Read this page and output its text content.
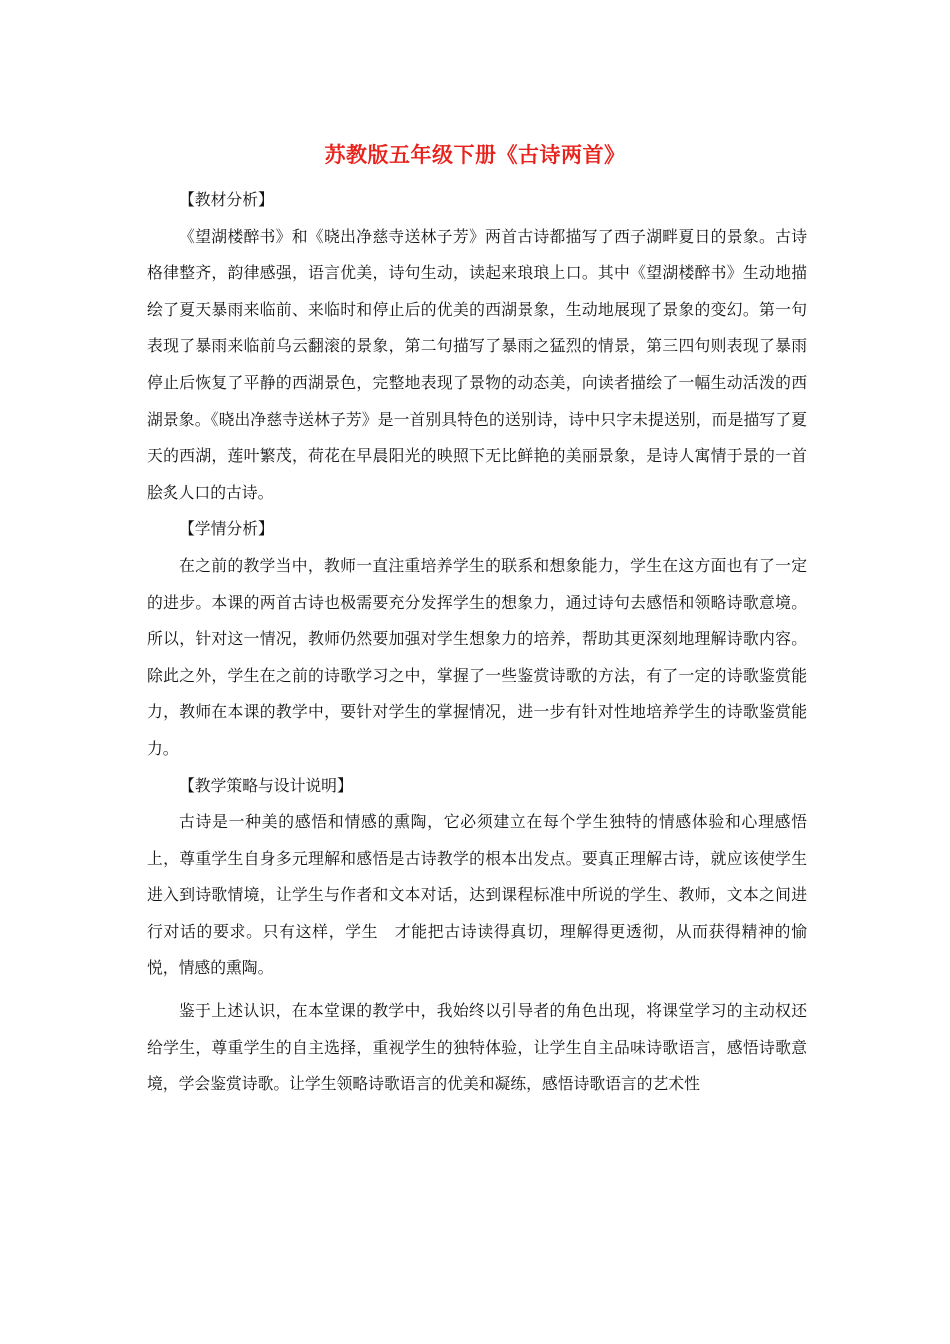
苏教版五年级下册《古诗两首》

【教材分析】

《望湖楼醉书》和《晓出净慈寺送林子芳》两首古诗都描写了西子湖畔夏日的景象。古诗格律整齐，韵律感强，语言优美，诗句生动，读起来琅琅上口。其中《望湖楼醉书》生动地描绘了夏天暴雨来临前、来临时和停止后的优美的西湖景象，生动地展现了景象的变幻。第一句表现了暴雨来临前乌云翻滚的景象，第二句描写了暴雨之猛烈的情景，第三四句则表现了暴雨停止后恢复了平静的西湖景色，完整地表现了景物的动态美，向读者描绘了一幅生动活泼的西湖景象。《晓出净慈寺送林子芳》是一首别具特色的送别诗，诗中只字未提送别，而是描写了夏天的西湖，莲叶繁茂，荷花在早晨阳光的映照下无比鲜艳的美丽景象，是诗人寓情于景的一首脍炙人口的古诗。

【学情分析】

在之前的教学当中，教师一直注重培养学生的联系和想象能力，学生在这方面也有了一定的进步。本课的两首古诗也极需要充分发挥学生的想象力，通过诗句去感悟和领略诗歌意境。所以，针对这一情况，教师仍然要加强对学生想象力的培养，帮助其更深刻地理解诗歌内容。除此之外，学生在之前的诗歌学习之中，掌握了一些鉴赏诗歌的方法，有了一定的诗歌鉴赏能力，教师在本课的教学中，要针对学生的掌握情况，进一步有针对性地培养学生的诗歌鉴赏能力。

【教学策略与设计说明】

古诗是一种美的感悟和情感的熏陶，它必须建立在每个学生独特的情感体验和心理感悟上，尊重学生自身多元理解和感悟是古诗教学的根本出发点。要真正理解古诗，就应该使学生进入到诗歌情境，让学生与作者和文本对话，达到课程标准中所说的学生、教师，文本之间进行对话的要求。只有这样，学生　才能把古诗读得真切，理解得更透彻，从而获得精神的愉悦，情感的熏陶。

鉴于上述认识，在本堂课的教学中，我始终以引导者的角色出现，将课堂学习的主动权还给学生，尊重学生的自主选择，重视学生的独特体验，让学生自主品味诗歌语言，感悟诗歌意境，学会鉴赏诗歌。让学生领略诗歌语言的优美和凝练，感悟诗歌语言的艺术性
